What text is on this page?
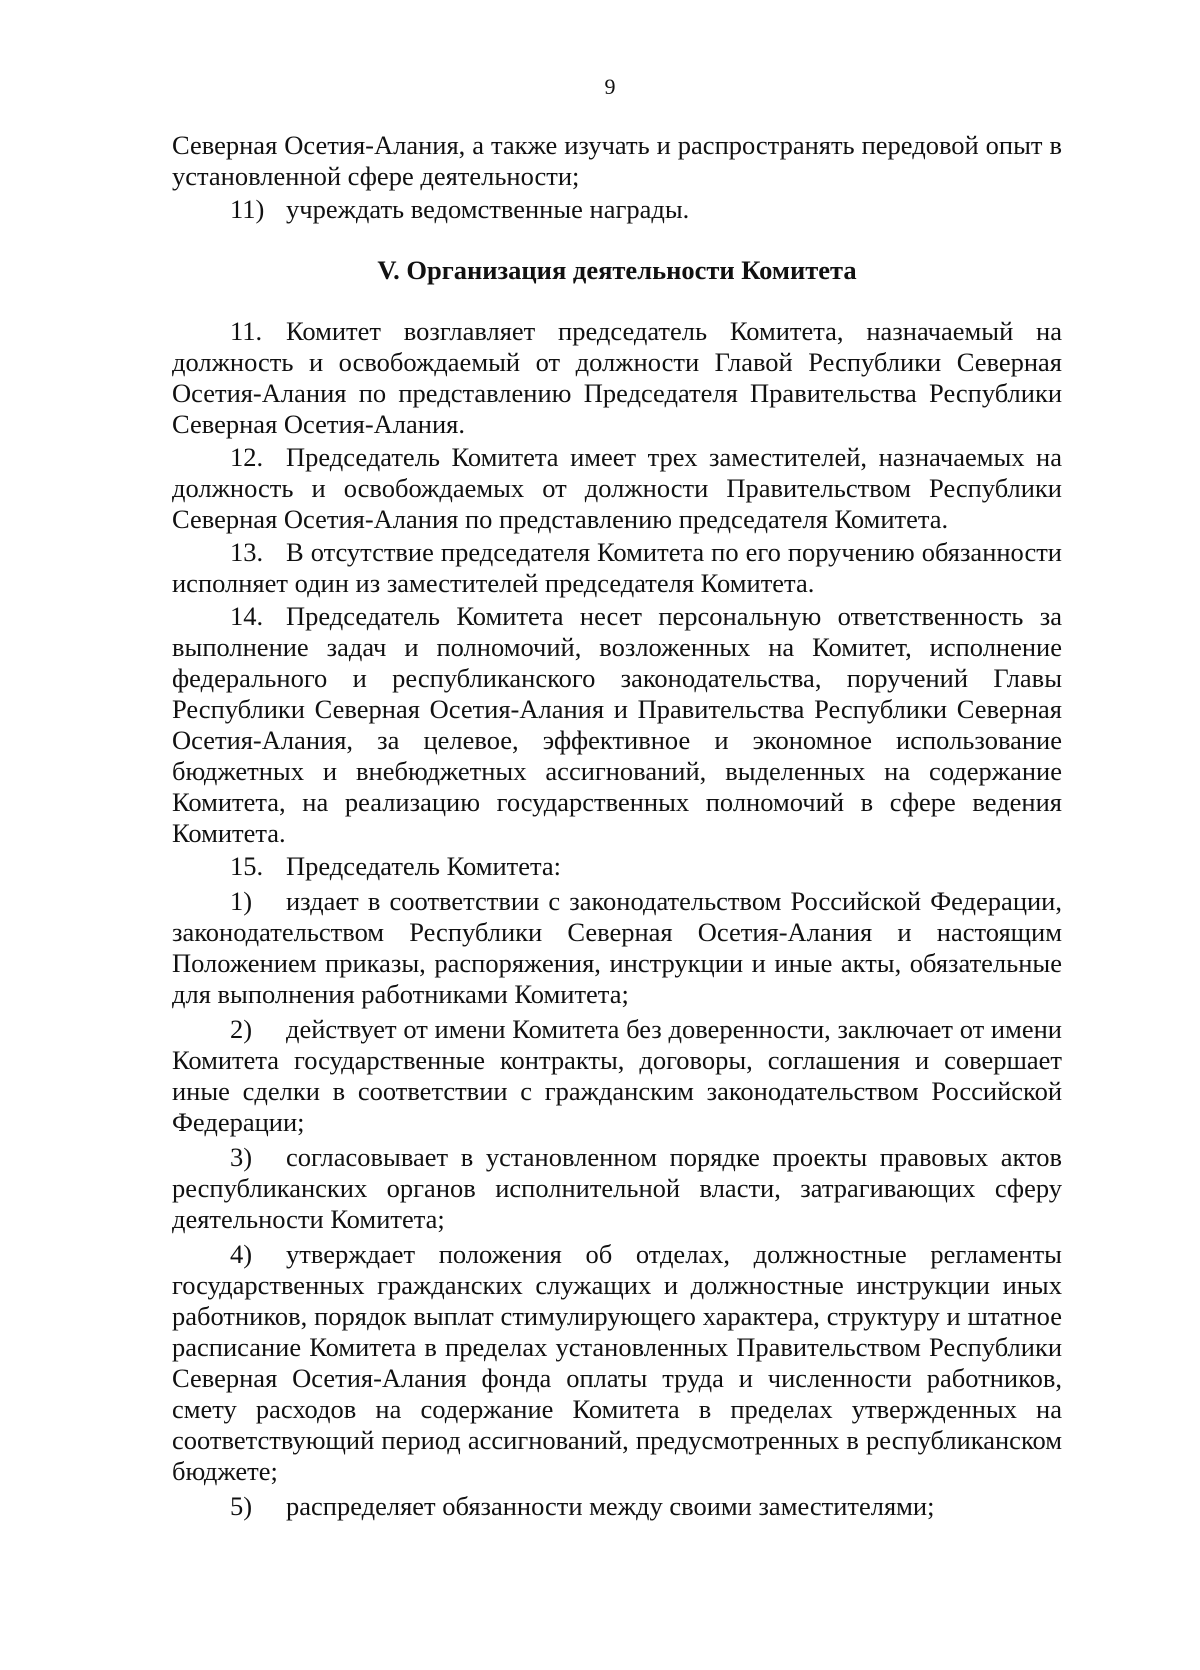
9

Северная Осетия-Алания, а также изучать и распространять передовой опыт в установленной сфере деятельности;

11) учреждать ведомственные награды.

V. Организация деятельности Комитета

11. Комитет возглавляет председатель Комитета, назначаемый на должность и освобождаемый от должности Главой Республики Северная Осетия-Алания по представлению Председателя Правительства Республики Северная Осетия-Алания.

12. Председатель Комитета имеет трех заместителей, назначаемых на должность и освобождаемых от должности Правительством Республики Северная Осетия-Алания по представлению председателя Комитета.

13. В отсутствие председателя Комитета по его поручению обязанности исполняет один из заместителей председателя Комитета.

14. Председатель Комитета несет персональную ответственность за выполнение задач и полномочий, возложенных на Комитет, исполнение федерального и республиканского законодательства, поручений Главы Республики Северная Осетия-Алания и Правительства Республики Северная Осетия-Алания, за целевое, эффективное и экономное использование бюджетных и внебюджетных ассигнований, выделенных на содержание Комитета, на реализацию государственных полномочий в сфере ведения Комитета.

15. Председатель Комитета:

1) издает в соответствии с законодательством Российской Федерации, законодательством Республики Северная Осетия-Алания и настоящим Положением приказы, распоряжения, инструкции и иные акты, обязательные для выполнения работниками Комитета;

2) действует от имени Комитета без доверенности, заключает от имени Комитета государственные контракты, договоры, соглашения и совершает иные сделки в соответствии с гражданским законодательством Российской Федерации;

3) согласовывает в установленном порядке проекты правовых актов республиканских органов исполнительной власти, затрагивающих сферу деятельности Комитета;

4) утверждает положения об отделах, должностные регламенты государственных гражданских служащих и должностные инструкции иных работников, порядок выплат стимулирующего характера, структуру и штатное расписание Комитета в пределах установленных Правительством Республики Северная Осетия-Алания фонда оплаты труда и численности работников, смету расходов на содержание Комитета в пределах утвержденных на соответствующий период ассигнований, предусмотренных в республиканском бюджете;

5) распределяет обязанности между своими заместителями;
